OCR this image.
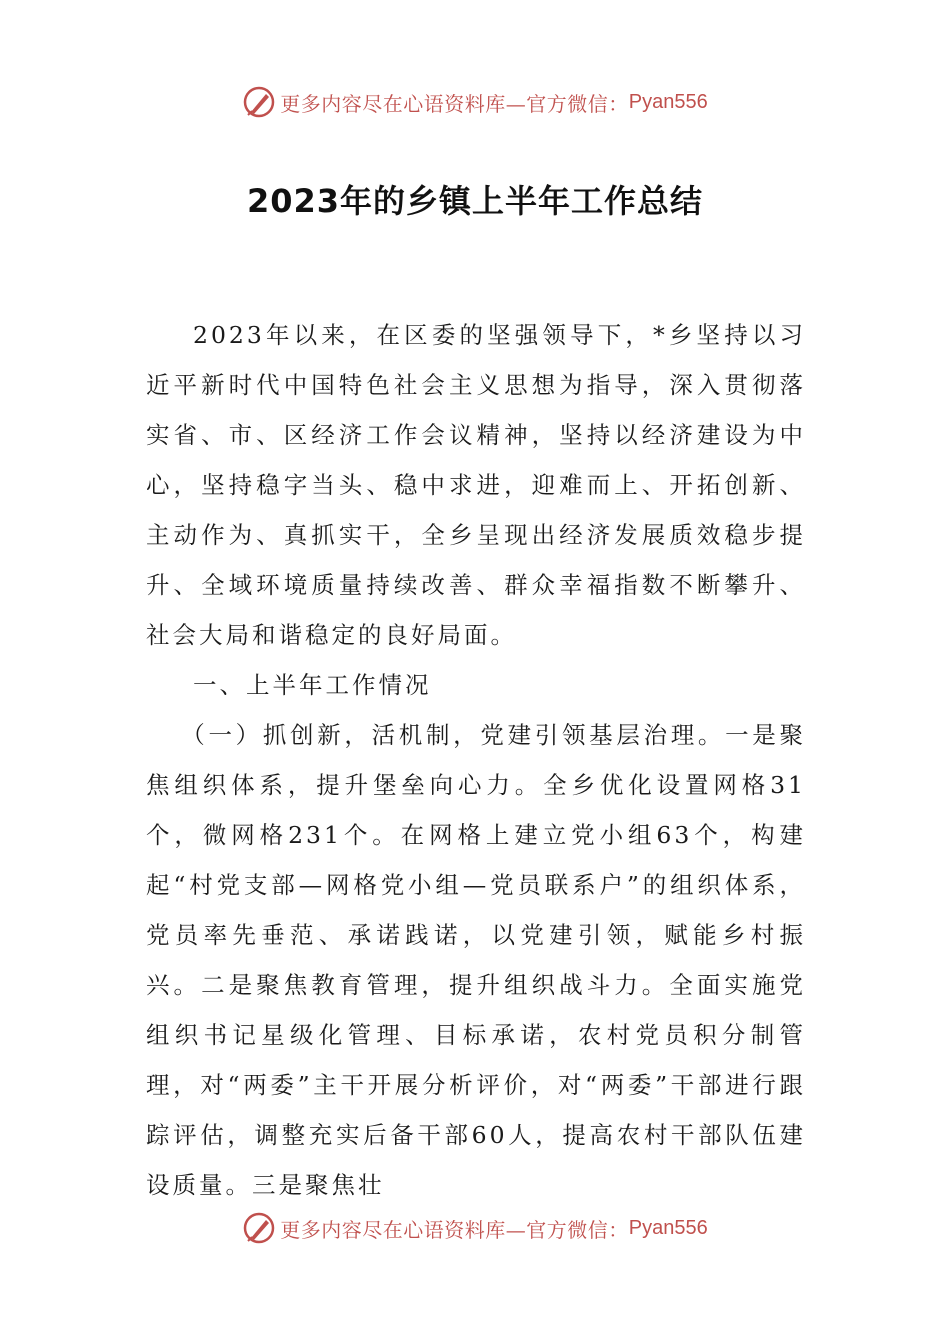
更多内容尽在心语资料库—官方微信： Pyan556
2023年的乡镇上半年工作总结

2023年以来，在区委的坚强领导下，*乡坚持以习近平新时代中国特色社会主义思想为指导，深入贯彻落实省、市、区经济工作会议精神，坚持以经济建设为中心，坚持稳字当头、稳中求进，迎难而上、开拓创新、主动作为、真抓实干，全乡呈现出经济发展质效稳步提升、全域环境质量持续改善、群众幸福指数不断攀升、社会大局和谐稳定的良好局面。

一、上半年工作情况

（一）抓创新，活机制，党建引领基层治理。一是聚焦组织体系，提升堡垒向心力。全乡优化设置网格31个，微网格231个。在网格上建立党小组63个，构建起“村党支部—网格党小组—党员联系户”的组织体系，党员率先垂范、承诺践诺，以党建引领，赋能乡村振兴。二是聚焦教育管理，提升组织战斗力。全面实施党组织书记星级化管理、目标承诺，农村党员积分制管理，对“两委”主干开展分析评价，对“两委”干部进行跟踪评估，调整充实后备干部60人，提高农村干部队伍建设质量。三是聚焦壮

更多内容尽在心语资料库—官方微信： Pyan556
